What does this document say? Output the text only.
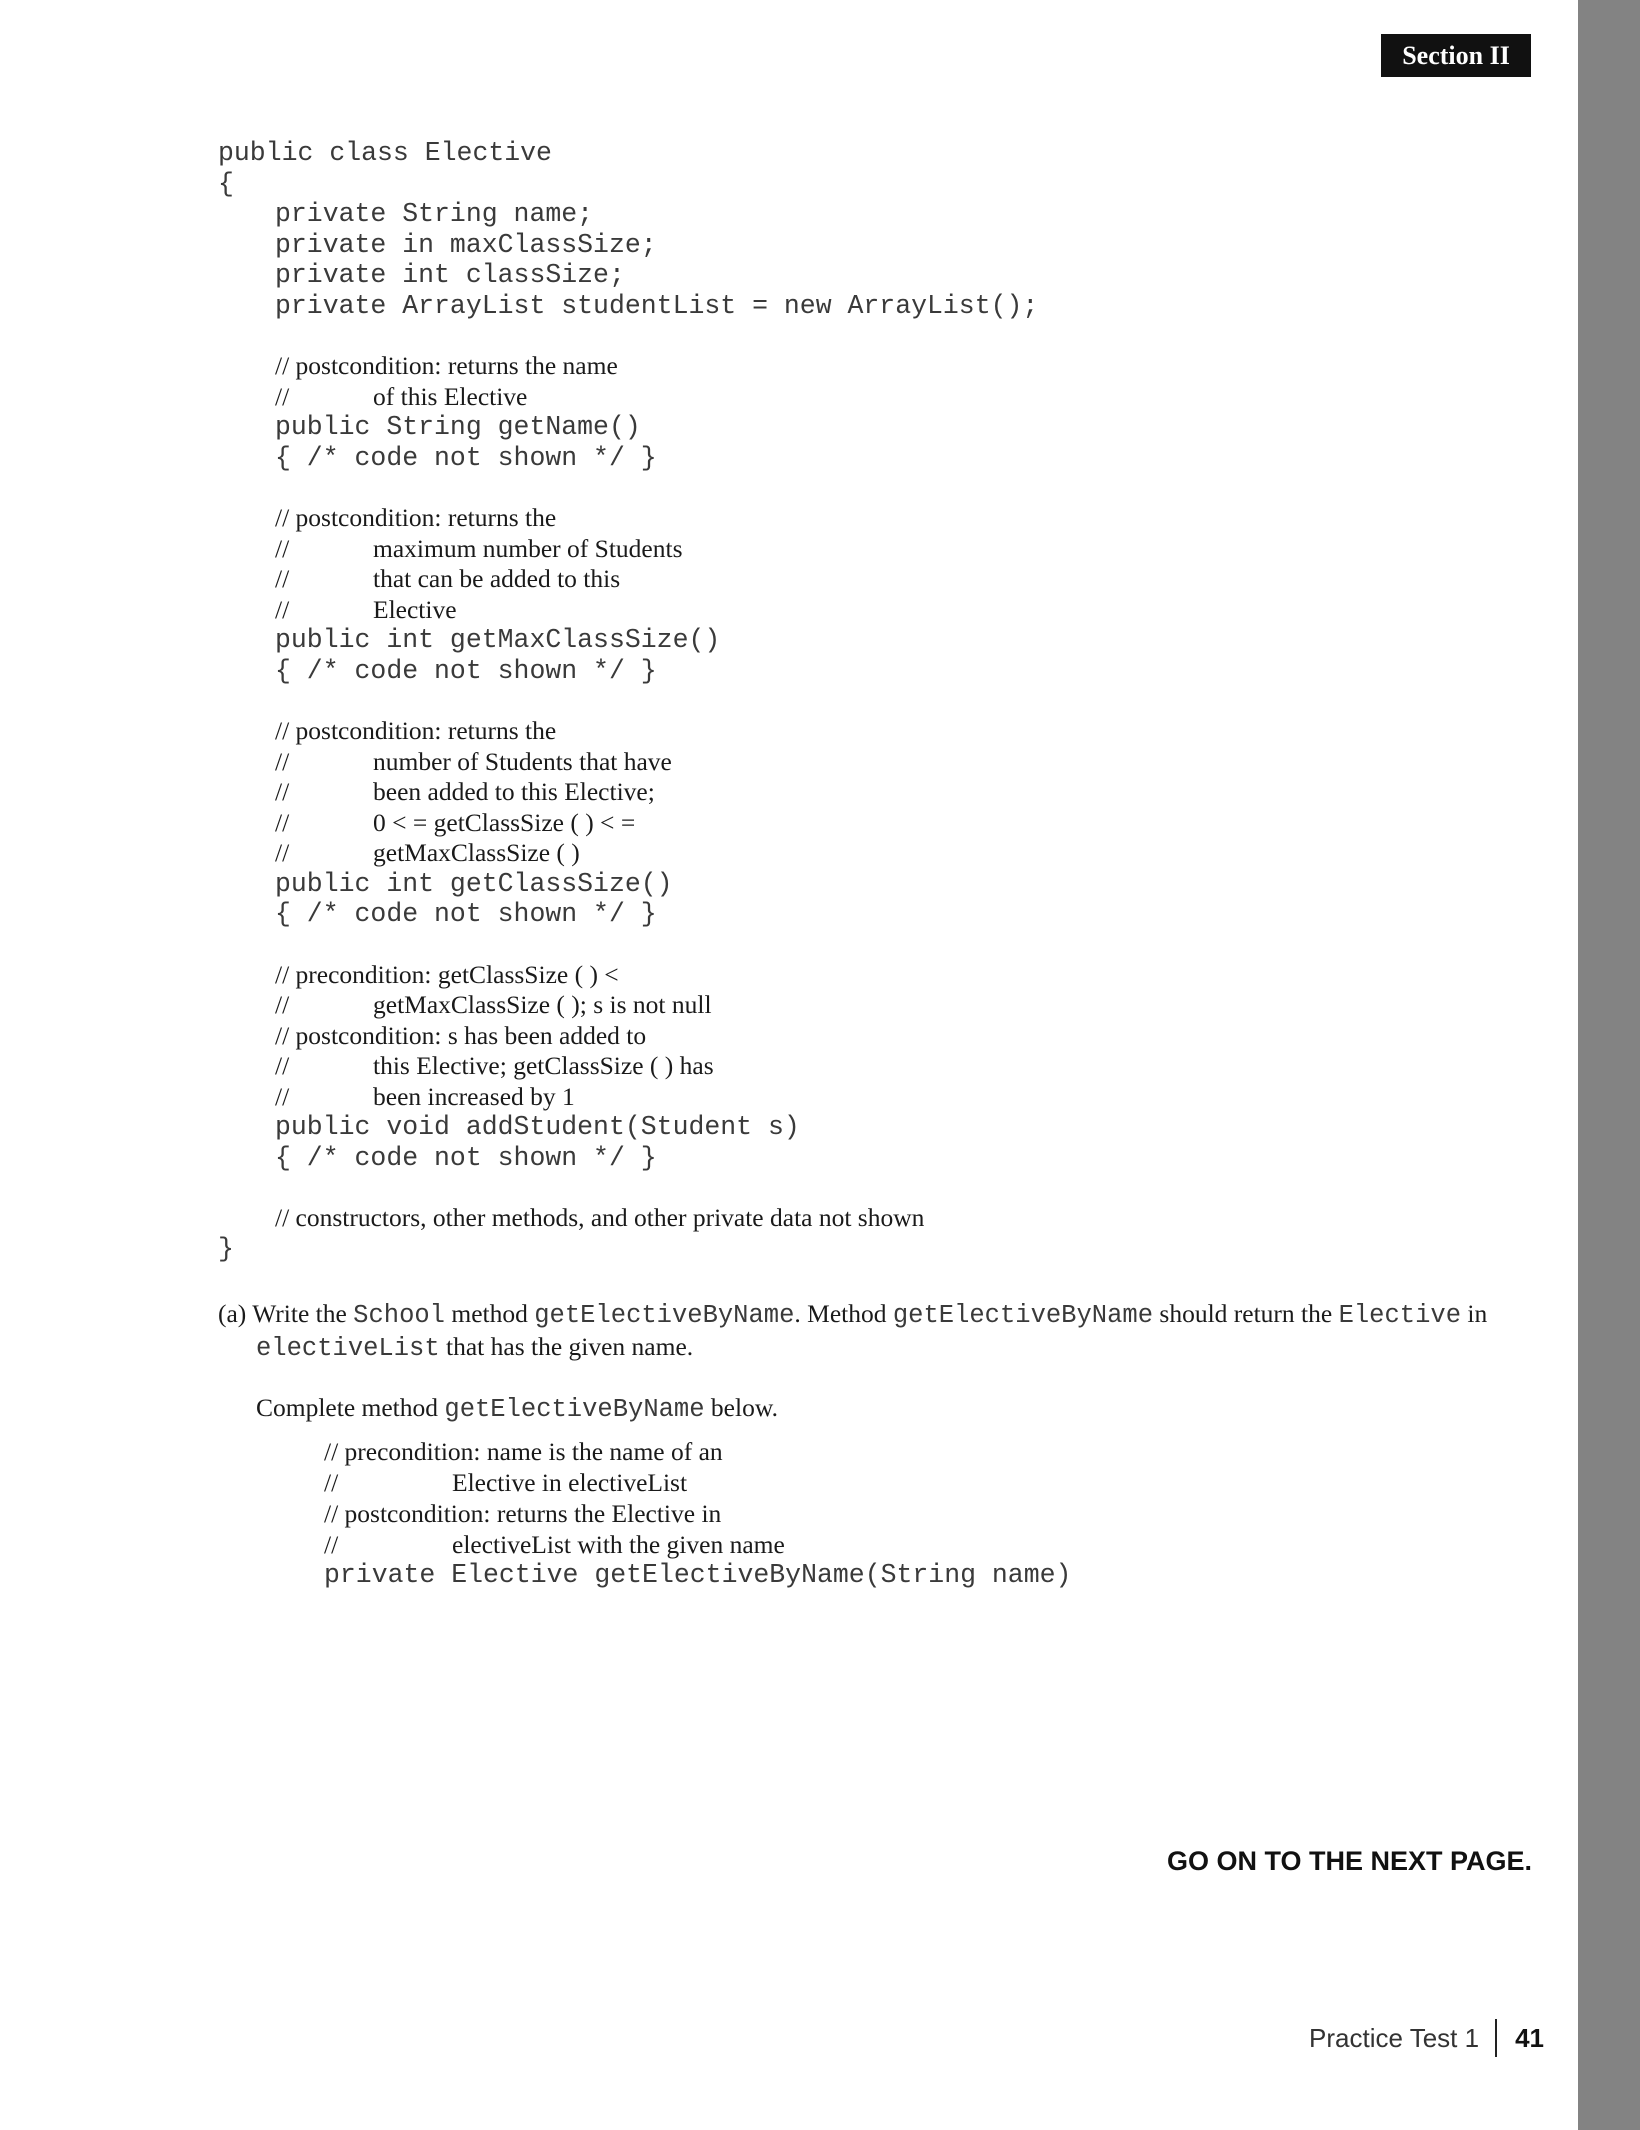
Section II
public class Elective
{
private String name;
private in maxClassSize;
private int classSize;
private ArrayList studentList = new ArrayList();
// postcondition: returns the name
//	of this Elective
public String getName()
{ /* code not shown */ }
// postcondition: returns the
//	maximum number of Students
//	that can be added to this
//	Elective
public int getMaxClassSize()
{ /* code not shown */ }
// postcondition: returns the
//	number of Students that have
//	been added to this Elective;
//	0 < = getClassSize ( ) < =
//	getMaxClassSize ( )
public int getClassSize()
{ /* code not shown */ }
// precondition: getClassSize ( ) <
//	getMaxClassSize ( ); s is not null
// postcondition: s has been added to
//	this Elective; getClassSize ( ) has
//	been increased by 1
public void addStudent(Student s)
{ /* code not shown */ }
// constructors, other methods, and other private data not shown
}
(a) Write the School method getElectiveByName. Method getElectiveByName should return the Elective in
electiveList that has the given name.
Complete method getElectiveByName below.
// precondition: name is the name of an
//	Elective in electiveList
// postcondition: returns the Elective in
//	electiveList with the given name
private Elective getElectiveByName(String name)
GO ON TO THE NEXT PAGE.
Practice Test 1	41
